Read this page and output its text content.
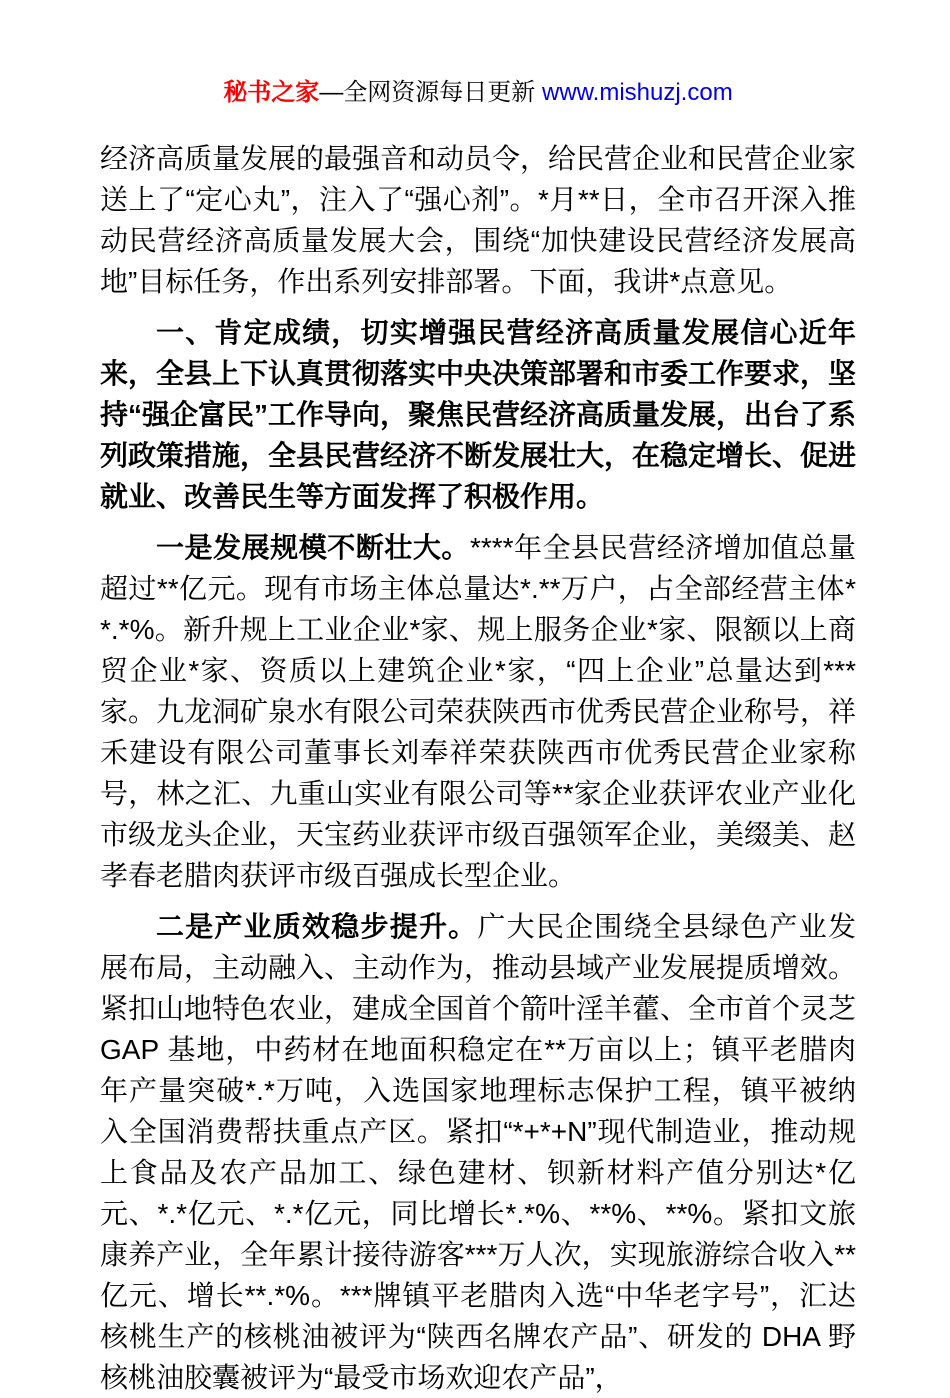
秘书之家—全网资源每日更新 www.mishuzj.com

经济高质量发展的最强音和动员令，给民营企业和民营企业家送上了“定心丸”，注入了“强心剂”。*月**日，全市召开深入推动民营经济高质量发展大会，围绕“加快建设民营经济发展高地”目标任务，作出系列安排部署。下面，我讲*点意见。

一、肯定成绩，切实增强民营经济高质量发展信心近年来，全县上下认真贯彻落实中央决策部署和市委工作要求，坚持“强企富民”工作导向，聚焦民营经济高质量发展，出台了系列政策措施，全县民营经济不断发展壮大，在稳定增长、促进就业、改善民生等方面发挥了积极作用。

一是发展规模不断壮大。****年全县民营经济增加值总量超过**亿元。现有市场主体总量达*.**万户，占全部经营主体**.*%。新升规上工业企业*家、规上服务企业*家、限额以上商贸企业*家、资质以上建筑企业*家，“四上企业”总量达到***家。九龙洞矿泉水有限公司荣获陕西市优秀民营企业称号，祥禾建设有限公司董事长刘奉祥荣获陕西市优秀民营企业家称号，林之汇、九重山实业有限公司等**家企业获评农业产业化市级龙头企业，天宝药业获评市级百强领军企业，美缀美、赵孝春老腊肉获评市级百强成长型企业。

二是产业质效稳步提升。广大民企围绕全县绿色产业发展布局，主动融入、主动作为，推动县域产业发展提质增效。紧扣山地特色农业，建成全国首个箭叶淫羊藿、全市首个灵芝 GAP 基地，中药材在地面积稳定在**万亩以上；镇平老腊肉年产量突破*.*万吨，入选国家地理标志保护工程，镇平被纳入全国消费帮扶重点产区。紧扣“*+*+N”现代制造业，推动规上食品及农产品加工、绿色建材、钡新材料产值分别达*亿元、*.*亿元、*.*亿元，同比增长*.*%、**%、**%。紧扣文旅康养产业，全年累计接待游客***万人次，实现旅游综合收入**亿元、增长**.*%。***牌镇平老腊肉入选“中华老字号”，汇达核桃生产的核桃油被评为“陕西名牌农产品”、研发的 DHA 野核桃油胶囊被评为“最受市场欢迎农产品”，
